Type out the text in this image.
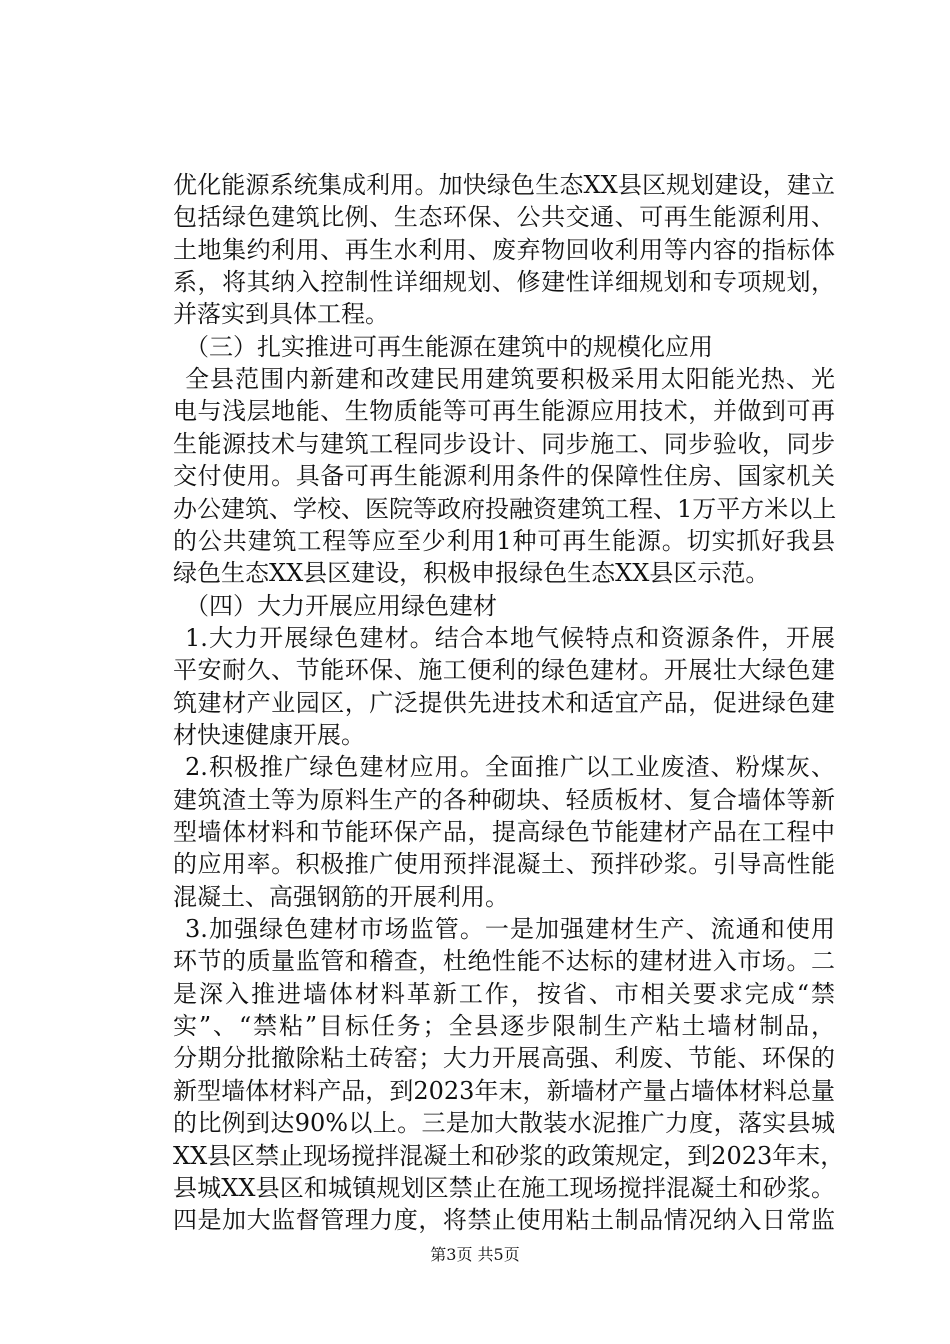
优化能源系统集成利用。加快绿色生态XX县区规划建设，建立
包括绿色建筑比例、生态环保、公共交通、可再生能源利用、
土地集约利用、再生水利用、废弃物回收利用等内容的指标体
系，将其纳入控制性详细规划、修建性详细规划和专项规划，
并落实到具体工程。
（三）扎实推进可再生能源在建筑中的规模化应用
全县范围内新建和改建民用建筑要积极采用太阳能光热、光
电与浅层地能、生物质能等可再生能源应用技术，并做到可再
生能源技术与建筑工程同步设计、同步施工、同步验收，同步
交付使用。具备可再生能源利用条件的保障性住房、国家机关
办公建筑、学校、医院等政府投融资建筑工程、1万平方米以上
的公共建筑工程等应至少利用1种可再生能源。切实抓好我县
绿色生态XX县区建设，积极申报绿色生态XX县区示范。
（四）大力开展应用绿色建材
1.大力开展绿色建材。结合本地气候特点和资源条件，开展
平安耐久、节能环保、施工便利的绿色建材。开展壮大绿色建
筑建材产业园区，广泛提供先进技术和适宜产品，促进绿色建
材快速健康开展。
2.积极推广绿色建材应用。全面推广以工业废渣、粉煤灰、
建筑渣土等为原料生产的各种砌块、轻质板材、复合墙体等新
型墙体材料和节能环保产品，提高绿色节能建材产品在工程中
的应用率。积极推广使用预拌混凝土、预拌砂浆。引导高性能
混凝土、高强钢筋的开展利用。
3.加强绿色建材市场监管。一是加强建材生产、流通和使用
环节的质量监管和稽查，杜绝性能不达标的建材进入市场。二
是深入推进墙体材料革新工作，按省、市相关要求完成“禁
实”、“禁粘”目标任务；全县逐步限制生产粘土墙材制品，
分期分批撤除粘土砖窑；大力开展高强、利废、节能、环保的
新型墙体材料产品，到2023年末，新墙材产量占墙体材料总量
的比例到达90%以上。三是加大散装水泥推广力度，落实县城
XX县区禁止现场搅拌混凝土和砂浆的政策规定，到2023年末，
县城XX县区和城镇规划区禁止在施工现场搅拌混凝土和砂浆。
四是加大监督管理力度，将禁止使用粘土制品情况纳入日常监
第3页 共5页
